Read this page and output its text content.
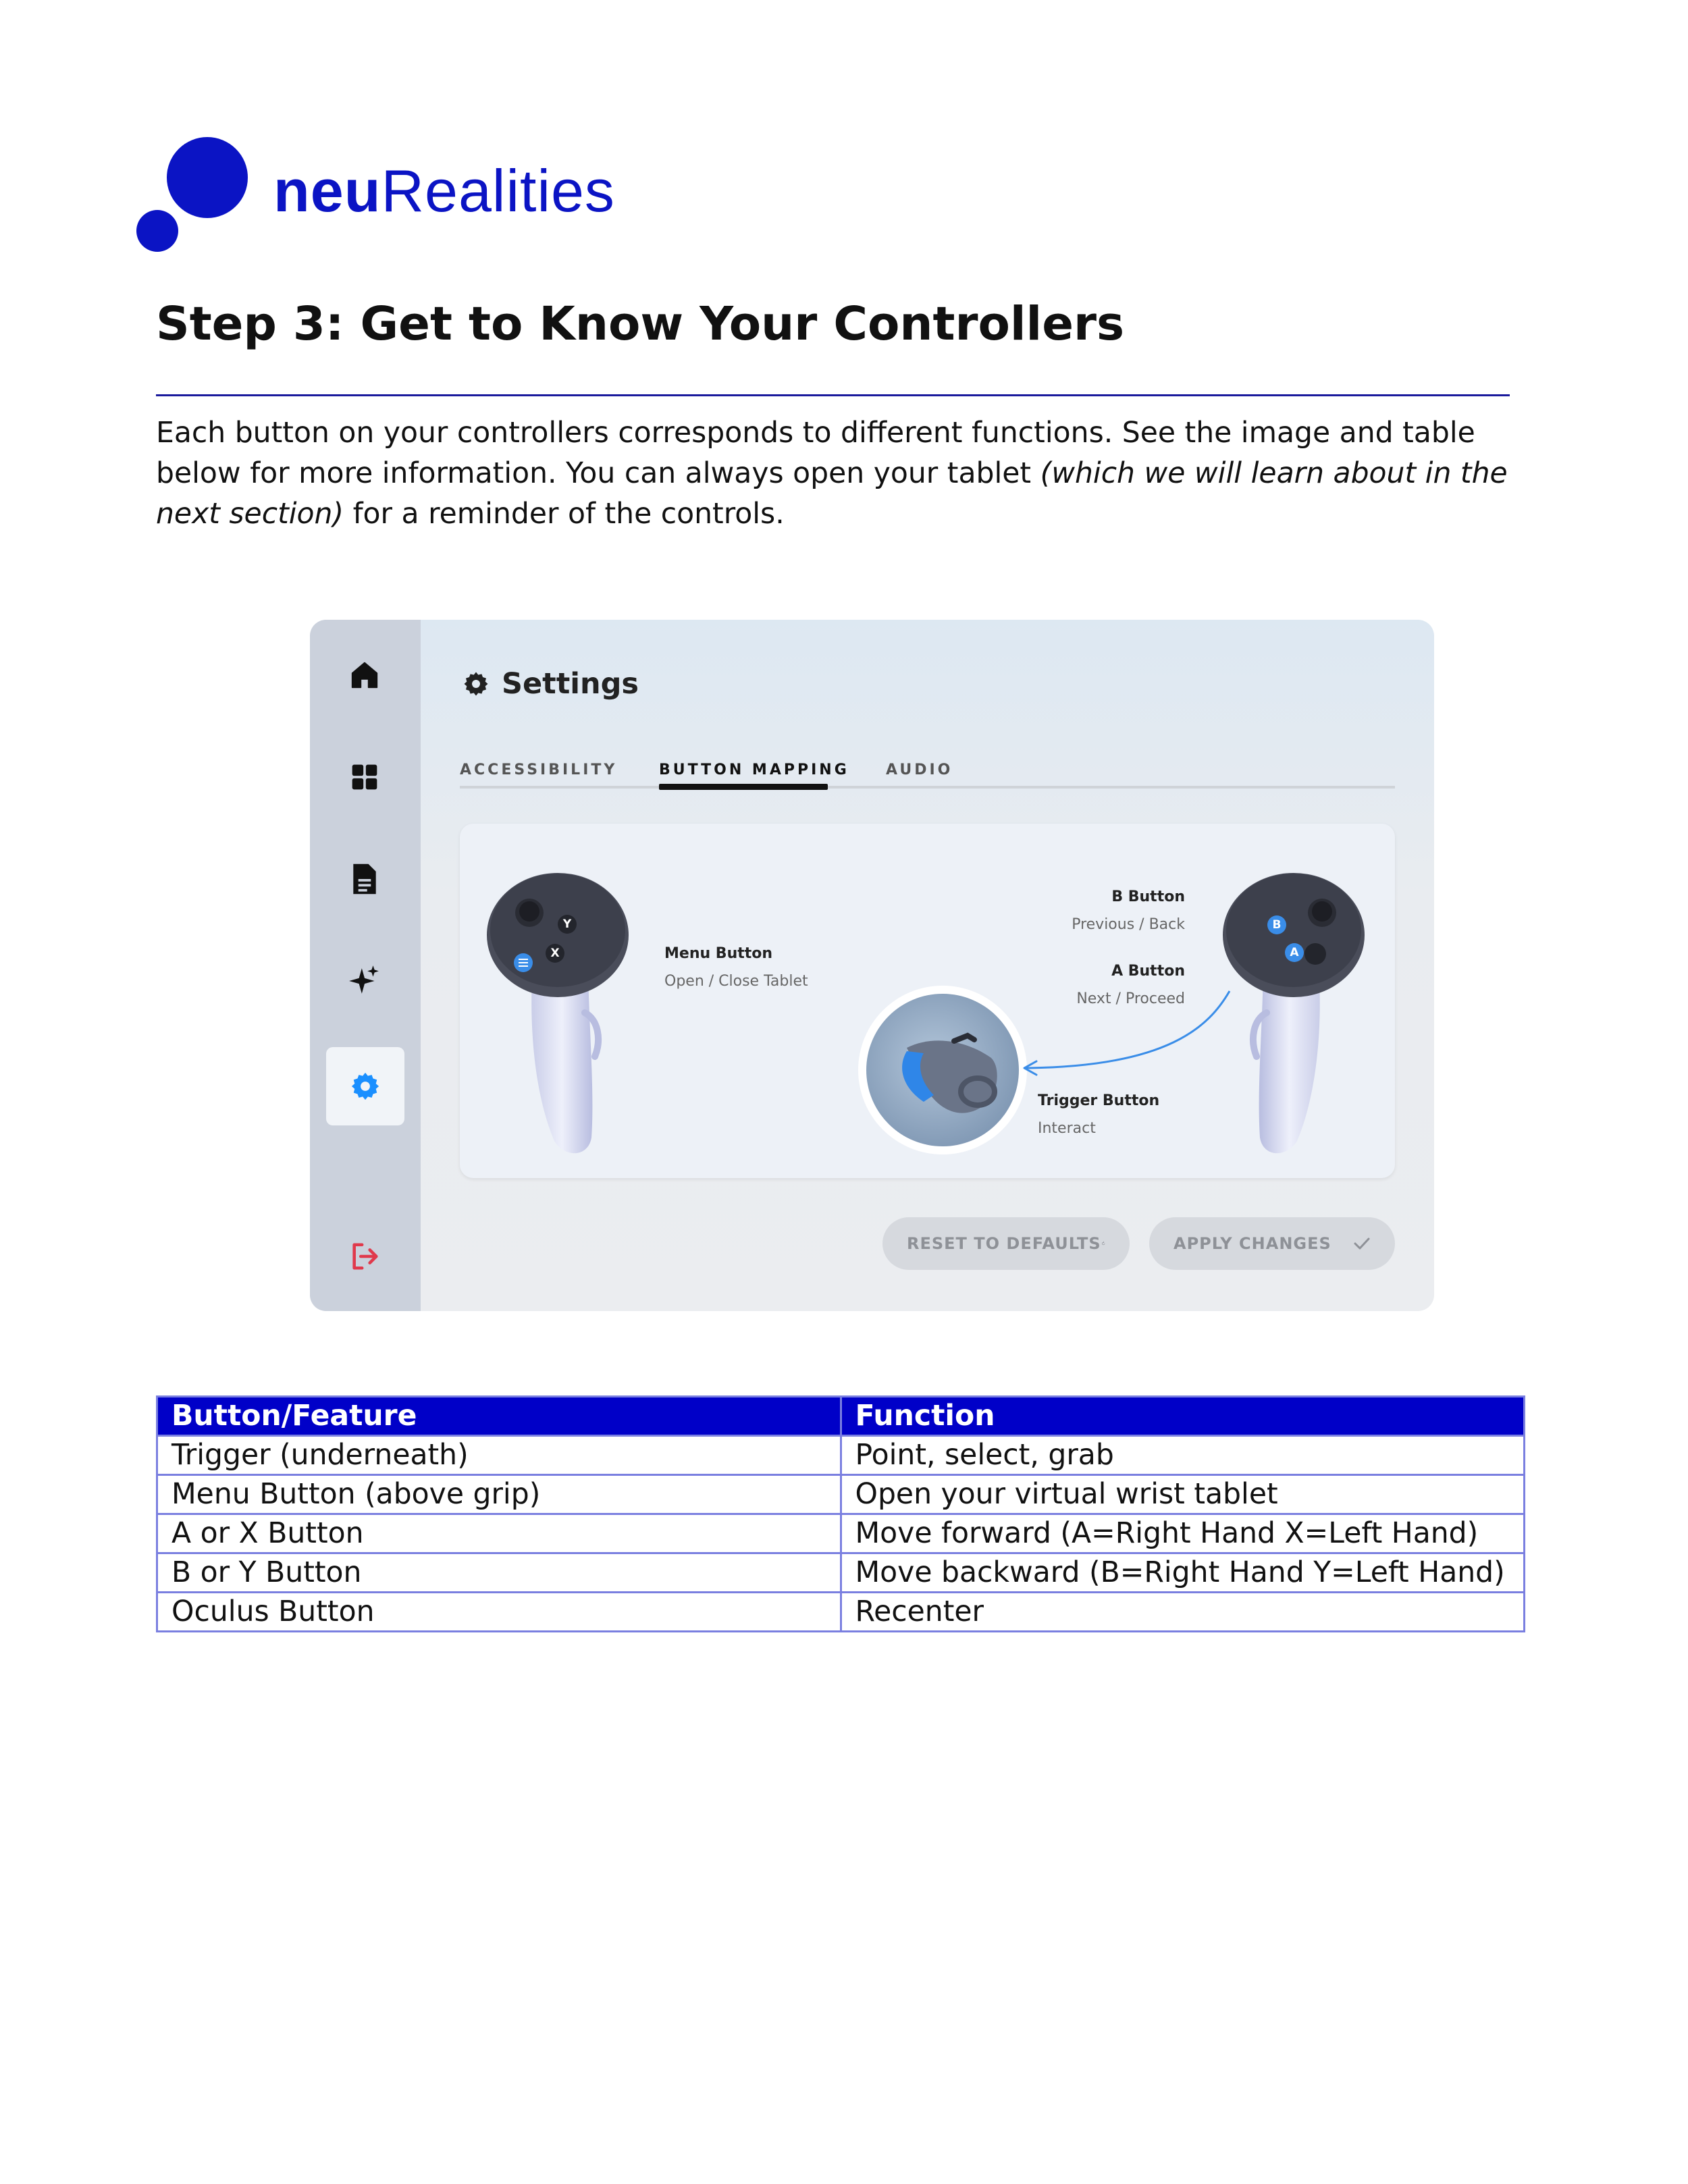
neuRealities
Step 3: Get to Know Your Controllers
Each button on your controllers corresponds to different functions. See the image and table below for more information. You can always open your tablet (which we will learn about in the next section) for a reminder of the controls.
Settings
ACCESSIBILITY	BUTTON MAPPING AUDIO
Y
X	Menu Button
Open / Close Tablet
B
A
B Button
Previous / Back
A Button
Next / Proceed
Trigger Button
Interact
RESET TO DEFAULTS	APPLY CHANGES
Button/Feature	Function
Trigger (underneath)	Point, select, grab
Menu Button (above grip)	Open your virtual wrist tablet
A or X Button	Move forward (A=Right Hand X=Left Hand)
B or Y Button	Move backward (B=Right Hand Y=Left Hand)
Oculus Button	Recenter
